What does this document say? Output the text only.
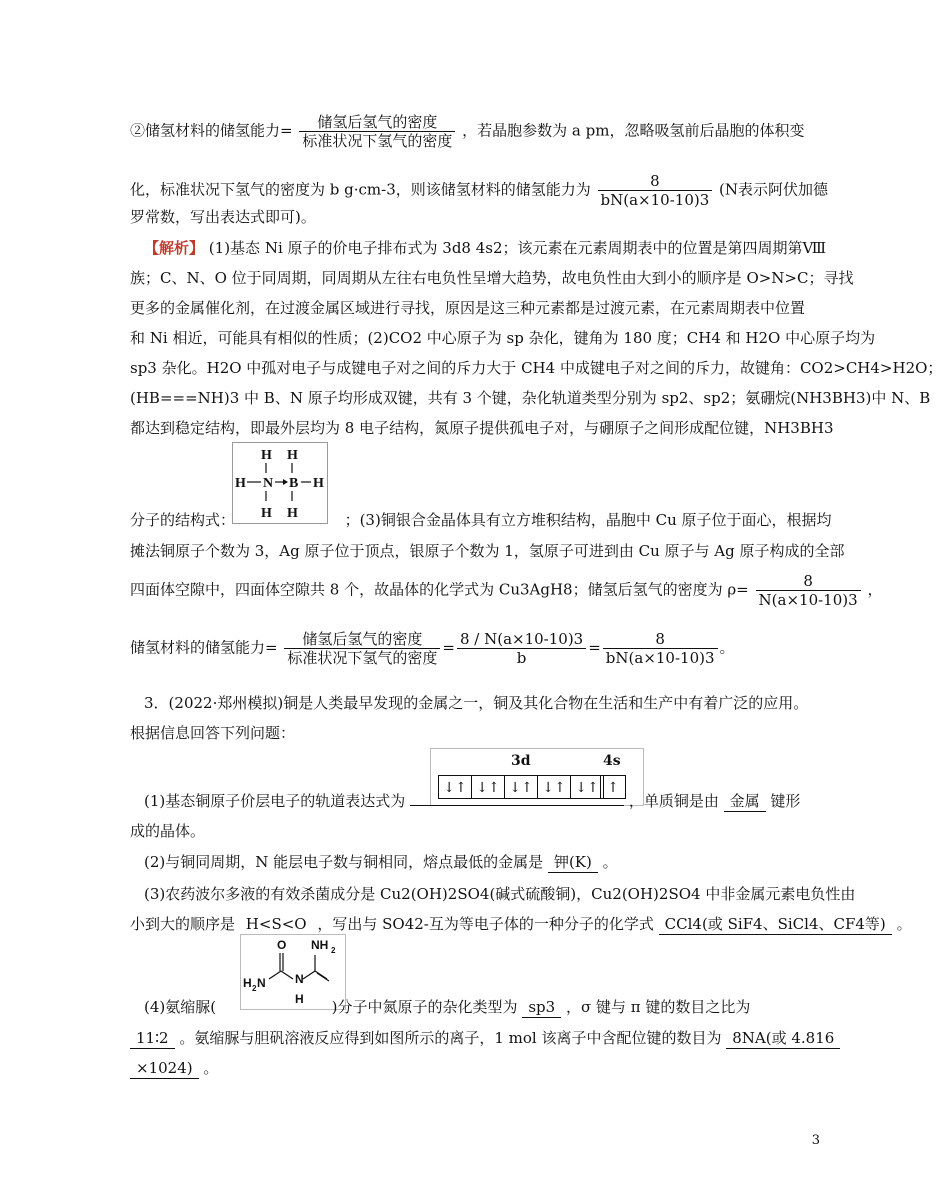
②储氢材料的储氢能力= $\frac{\text{储氢后氢气的密度}}{\text{标准状况下氢气的密度}}$ ，若晶胞参数为 a pm，忽略吸氢前后晶胞的体积变
化，标准状况下氢气的密度为 b g·cm-3，则该储氢材料的储氢能力为 $\frac{8}{bN(a\times 10-10)3} (N$表示阿伏加德
罗常数，写出表达式即可)。
【解析】 (1)基态 Ni 原子的价电子排布式为 3d8 4s2；该元素在元素周期表中的位置是第四周期第Ⅷ
族；C、N、O 位于同周期，同周期从左往右电负性呈增大趋势，故电负性由大到小的顺序是 O>N>C；寻找
更多的金属催化剂，在过渡金属区域进行寻找，原因是这三种元素都是过渡元素，在元素周期表中位置
和 Ni 相近，可能具有相似的性质；(2)CO2 中心原子为 sp 杂化，键角为 180 度；CH4 和 H2O 中心原子均为
sp3 杂化。H2O 中孤对电子与成键电子对之间的斥力大于 CH4 中成键电子对之间的斥力，故键角：CO2>CH4>H2O；
(HB===NH)3 中 B、N 原子均形成双键，共有 3 个键，杂化轨道类型分别为 sp2、sp2；氨硼烷(NH3BH3)中 N、B
都达到稳定结构，即最外层均为 8 电子结构，氮原子提供孤电子对，与硼原子之间形成配位键，NH3BH3
H H
H N B H
H H
分子的结构式：	；(3)铜银合金晶体具有立方堆积结构，晶胞中 Cu 原子位于面心，根据均
摊法铜原子个数为 3，Ag 原子位于顶点，银原子个数为 1，氢原子可进到由 Cu 原子与 Ag 原子构成的全部
四面体空隙中，四面体空隙共 8 个，故晶体的化学式为 Cu3AgH8；储氢后氢气的密度为 $\rho= \frac{8}{N(a\times 10-10)3}$ ，
储氢材料的储氢能力= $\frac{\text{储氢后氢气的密度}}{\text{标准状况下氢气的密度}} = \frac{8 / N(a\times 10-10)3}{b} = \frac{8}{bN(a\times 10-10)3}$ 。
3．(2022·郑州模拟)铜是人类最早发现的金属之一，铜及其化合物在生活和生产中有着广泛的应用。
根据信息回答下列问题：
3d	4s
↓↑ ↓↑ ↓↑ ↓↑ ↓↑ ↑
(1)基态铜原子价层电子的轨道表达式为	，单质铜是由 金属 键形
成的晶体。
(2)与铜同周期，N 能层电子数与铜相同，熔点最低的金属是 钾(K) 。
(3)农药波尔多液的有效杀菌成分是 Cu2(OH)2SO4(碱式硫酸铜)，Cu2(OH)2SO4 中非金属元素电负性由
小到大的顺序是 H<S<O ，写出与 SO42-互为等电子体的一种分子的化学式 CCl4(或 SiF4、SiCl4、CF4等) 。
O NH 2
H 2 N N
H
(4)氨缩脲(	)分子中氮原子的杂化类型为 sp3 ，σ 键与 π 键的数目之比为
11∶2 。氨缩脲与胆矾溶液反应得到如图所示的离子，1 mol 该离子中含配位键的数目为 8NA(或 4.816
×1024) 。
3
